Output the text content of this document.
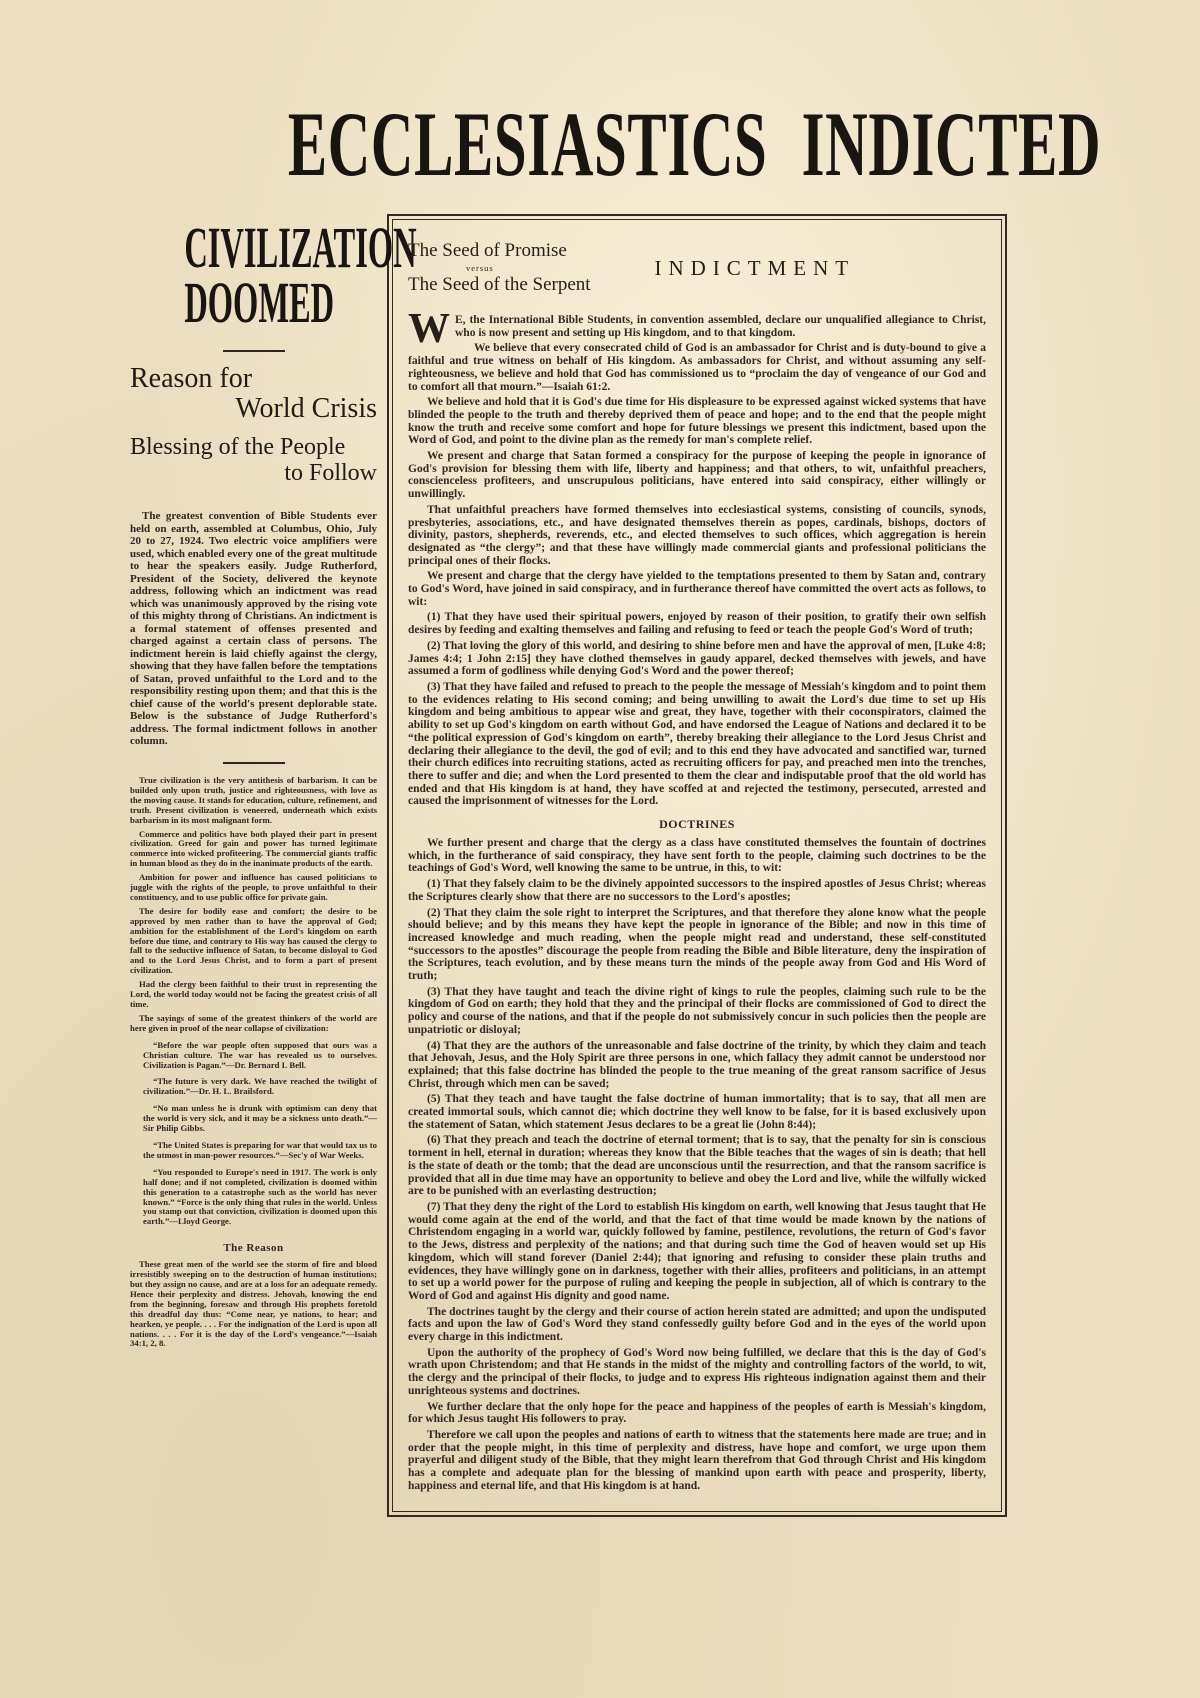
ECCLESIASTICS INDICTED
CIVILIZATION
DOOMED
Reason for
World Crisis
Blessing of the People
to Follow

The greatest convention of Bible Students ever held on earth, assembled at Columbus, Ohio, July 20 to 27, 1924. Two electric voice amplifiers were used, which enabled every one of the great multitude to hear the speakers easily. Judge Rutherford, President of the Society, delivered the keynote address, following which an indictment was read which was unanimously approved by the rising vote of this mighty throng of Christians. An indictment is a formal statement of offenses presented and charged against a certain class of persons. The indictment herein is laid chiefly against the clergy, showing that they have fallen before the temptations of Satan, proved unfaithful to the Lord and to the responsibility resting upon them; and that this is the chief cause of the world's present deplorable state. Below is the substance of Judge Rutherford's address. The formal indictment follows in another column.

True civilization is the very antithesis of barbarism. It can be builded only upon truth, justice and righteousness, with love as the moving cause. It stands for education, culture, refinement, and truth. Present civilization is veneered, underneath which exists barbarism in its most malignant form.

Commerce and politics have both played their part in present civilization. Greed for gain and power has turned legitimate commerce into wicked profiteering. The commercial giants traffic in human blood as they do in the inanimate products of the earth.

Ambition for power and influence has caused politicians to juggle with the rights of the people, to prove unfaithful to their constituency, and to use public office for private gain.

The desire for bodily ease and comfort; the desire to be approved by men rather than to have the approval of God; ambition for the establishment of the Lord's kingdom on earth before due time, and contrary to His way has caused the clergy to fall to the seductive influence of Satan, to become disloyal to God and to the Lord Jesus Christ, and to form a part of present civilization.

Had the clergy been faithful to their trust in representing the Lord, the world today would not be facing the greatest crisis of all time.

The sayings of some of the greatest thinkers of the world are here given in proof of the near collapse of civilization:

“Before the war people often supposed that ours was a Christian culture. The war has revealed us to ourselves. Civilization is Pagan.”—Dr. Bernard I. Bell.

“The future is very dark. We have reached the twilight of civilization.”—Dr. H. L. Brailsford.

“No man unless he is drunk with optimism can deny that the world is very sick, and it may be a sickness unto death.”—Sir Philip Gibbs.

“The United States is preparing for war that would tax us to the utmost in man-power resources.”—Sec'y of War Weeks.

“You responded to Europe's need in 1917. The work is only half done; and if not completed, civilization is doomed within this generation to a catastrophe such as the world has never known.” “Force is the only thing that rules in the world. Unless you stamp out that conviction, civilization is doomed upon this earth.”—Lloyd George.

The Reason

These great men of the world see the storm of fire and blood irresistibly sweeping on to the destruction of human institutions; but they assign no cause, and are at a loss for an adequate remedy. Hence their perplexity and distress. Jehovah, knowing the end from the beginning, foresaw and through His prophets foretold this dreadful day thus: “Come near, ye nations, to hear; and hearken, ye people. . . . For the indignation of the Lord is upon all nations. . . . For it is the day of the Lord's vengeance.”—Isaiah 34:1, 2, 8.

The Seed of Promise
versus
The Seed of the Serpent
INDICTMENT

W E, the International Bible Students, in convention assembled, declare our unqualified allegiance to Christ, who is now present and setting up His kingdom, and to that kingdom.

We believe that every consecrated child of God is an ambassador for Christ and is duty-bound to give a faithful and true witness on behalf of His kingdom. As ambassadors for Christ, and without assuming any self-righteousness, we believe and hold that God has commissioned us to “proclaim the day of vengeance of our God and to comfort all that mourn.”—Isaiah 61:2.

We believe and hold that it is God's due time for His displeasure to be expressed against wicked systems that have blinded the people to the truth and thereby deprived them of peace and hope; and to the end that the people might know the truth and receive some comfort and hope for future blessings we present this indictment, based upon the Word of God, and point to the divine plan as the remedy for man's complete relief.

We present and charge that Satan formed a conspiracy for the purpose of keeping the people in ignorance of God's provision for blessing them with life, liberty and happiness; and that others, to wit, unfaithful preachers, conscienceless profiteers, and unscrupulous politicians, have entered into said conspiracy, either willingly or unwillingly.

That unfaithful preachers have formed themselves into ecclesiastical systems, consisting of councils, synods, presbyteries, associations, etc., and have designated themselves therein as popes, cardinals, bishops, doctors of divinity, pastors, shepherds, reverends, etc., and elected themselves to such offices, which aggregation is herein designated as “the clergy”; and that these have willingly made commercial giants and professional politicians the principal ones of their flocks.

We present and charge that the clergy have yielded to the temptations presented to them by Satan and, contrary to God's Word, have joined in said conspiracy, and in furtherance thereof have committed the overt acts as follows, to wit:

(1) That they have used their spiritual powers, enjoyed by reason of their position, to gratify their own selfish desires by feeding and exalting themselves and failing and refusing to feed or teach the people God's Word of truth;

(2) That loving the glory of this world, and desiring to shine before men and have the approval of men, [Luke 4:8; James 4:4; 1 John 2:15] they have clothed themselves in gaudy apparel, decked themselves with jewels, and have assumed a form of godliness while denying God's Word and the power thereof;

(3) That they have failed and refused to preach to the people the message of Messiah's kingdom and to point them to the evidences relating to His second coming; and being unwilling to await the Lord's due time to set up His kingdom and being ambitious to appear wise and great, they have, together with their coconspirators, claimed the ability to set up God's kingdom on earth without God, and have endorsed the League of Nations and declared it to be “the political expression of God's kingdom on earth”, thereby breaking their allegiance to the Lord Jesus Christ and declaring their allegiance to the devil, the god of evil; and to this end they have advocated and sanctified war, turned their church edifices into recruiting stations, acted as recruiting officers for pay, and preached men into the trenches, there to suffer and die; and when the Lord presented to them the clear and indisputable proof that the old world has ended and that His kingdom is at hand, they have scoffed at and rejected the testimony, persecuted, arrested and caused the imprisonment of witnesses for the Lord.

DOCTRINES

We further present and charge that the clergy as a class have constituted themselves the fountain of doctrines which, in the furtherance of said conspiracy, they have sent forth to the people, claiming such doctrines to be the teachings of God's Word, well knowing the same to be untrue, in this, to wit:

(1) That they falsely claim to be the divinely appointed successors to the inspired apostles of Jesus Christ; whereas the Scriptures clearly show that there are no successors to the Lord's apostles;

(2) That they claim the sole right to interpret the Scriptures, and that therefore they alone know what the people should believe; and by this means they have kept the people in ignorance of the Bible; and now in this time of increased knowledge and much reading, when the people might read and understand, these self-constituted “successors to the apostles” discourage the people from reading the Bible and Bible literature, deny the inspiration of the Scriptures, teach evolution, and by these means turn the minds of the people away from God and His Word of truth;

(3) That they have taught and teach the divine right of kings to rule the peoples, claiming such rule to be the kingdom of God on earth; they hold that they and the principal of their flocks are commissioned of God to direct the policy and course of the nations, and that if the people do not submissively concur in such policies then the people are unpatriotic or disloyal;

(4) That they are the authors of the unreasonable and false doctrine of the trinity, by which they claim and teach that Jehovah, Jesus, and the Holy Spirit are three persons in one, which fallacy they admit cannot be understood nor explained; that this false doctrine has blinded the people to the true meaning of the great ransom sacrifice of Jesus Christ, through which men can be saved;

(5) That they teach and have taught the false doctrine of human immortality; that is to say, that all men are created immortal souls, which cannot die; which doctrine they well know to be false, for it is based exclusively upon the statement of Satan, which statement Jesus declares to be a great lie (John 8:44);

(6) That they preach and teach the doctrine of eternal torment; that is to say, that the penalty for sin is conscious torment in hell, eternal in duration; whereas they know that the Bible teaches that the wages of sin is death; that hell is the state of death or the tomb; that the dead are unconscious until the resurrection, and that the ransom sacrifice is provided that all in due time may have an opportunity to believe and obey the Lord and live, while the wilfully wicked are to be punished with an everlasting destruction;

(7) That they deny the right of the Lord to establish His kingdom on earth, well knowing that Jesus taught that He would come again at the end of the world, and that the fact of that time would be made known by the nations of Christendom engaging in a world war, quickly followed by famine, pestilence, revolutions, the return of God's favor to the Jews, distress and perplexity of the nations; and that during such time the God of heaven would set up His kingdom, which will stand forever (Daniel 2:44); that ignoring and refusing to consider these plain truths and evidences, they have willingly gone on in darkness, together with their allies, profiteers and politicians, in an attempt to set up a world power for the purpose of ruling and keeping the people in subjection, all of which is contrary to the Word of God and against His dignity and good name.

The doctrines taught by the clergy and their course of action herein stated are admitted; and upon the undisputed facts and upon the law of God's Word they stand confessedly guilty before God and in the eyes of the world upon every charge in this indictment.

Upon the authority of the prophecy of God's Word now being fulfilled, we declare that this is the day of God's wrath upon Christendom; and that He stands in the midst of the mighty and controlling factors of the world, to wit, the clergy and the principal of their flocks, to judge and to express His righteous indignation against them and their unrighteous systems and doctrines.

We further declare that the only hope for the peace and happiness of the peoples of earth is Messiah's kingdom, for which Jesus taught His followers to pray.

Therefore we call upon the peoples and nations of earth to witness that the statements here made are true; and in order that the people might, in this time of perplexity and distress, have hope and comfort, we urge upon them prayerful and diligent study of the Bible, that they might learn therefrom that God through Christ and His kingdom has a complete and adequate plan for the blessing of mankind upon earth with peace and prosperity, liberty, happiness and eternal life, and that His kingdom is at hand.
